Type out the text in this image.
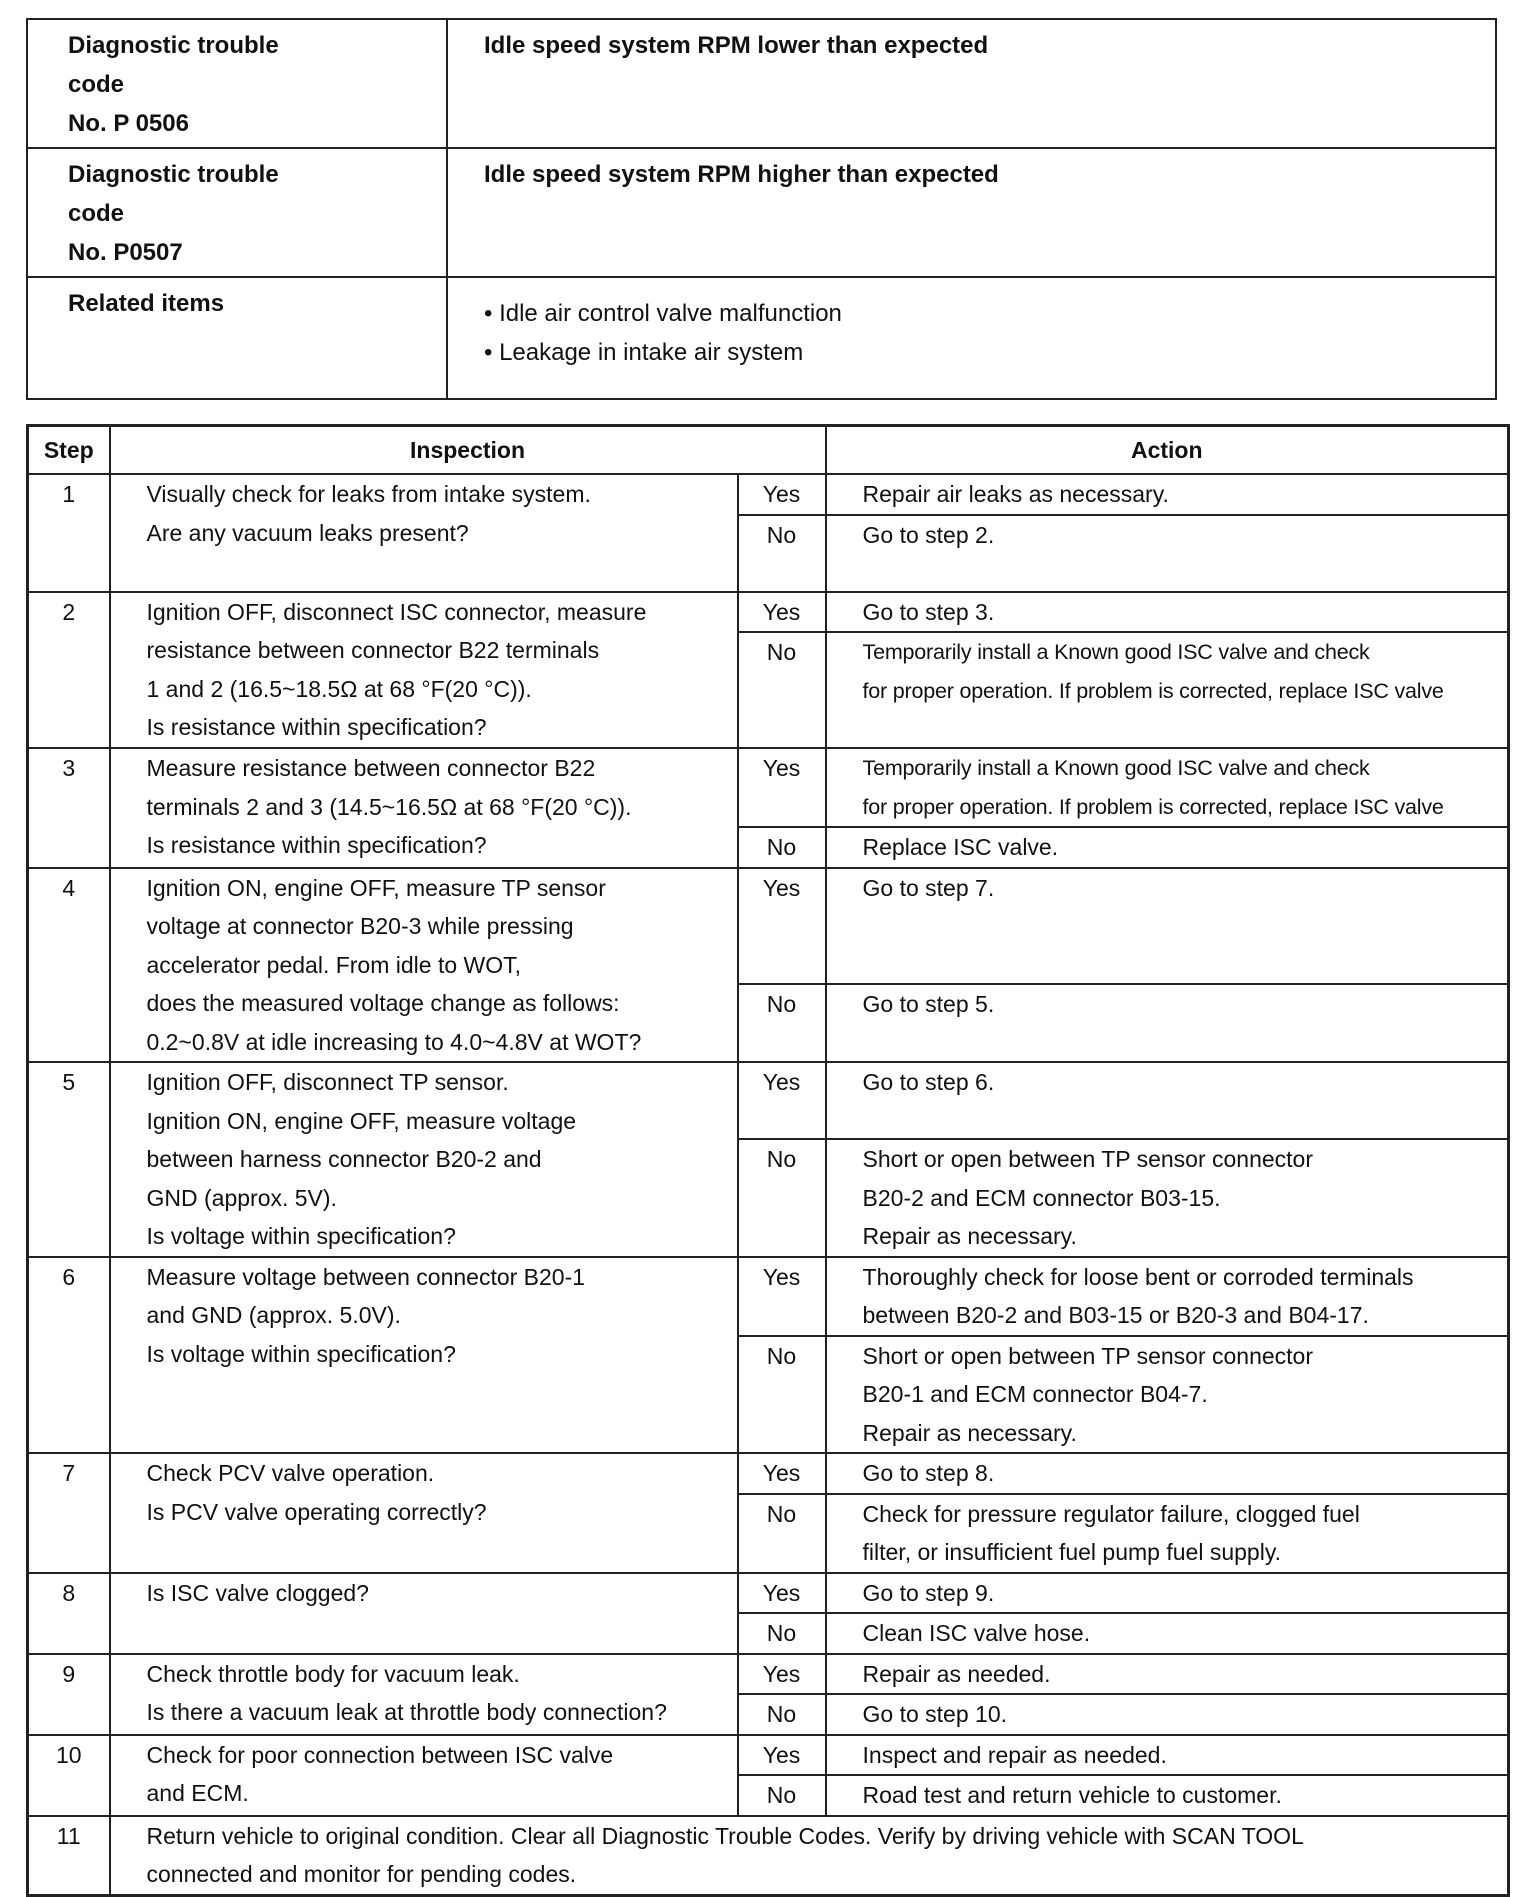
Diagnostic trouble
code
No. P 0506	Idle speed system RPM lower than expected

Diagnostic trouble
code
No. P0507	Idle speed system RPM higher than expected
Related items	• Idle air control valve malfunction
• Leakage in intake air system
Step	Inspection		Action
1	Visually check for leaks from intake system.
Are any vacuum leaks present?	Yes	Repair air leaks as necessary.

		No	Go to step 2.

2	Ignition OFF, disconnect ISC connector, measure
resistance between connector B22 terminals
1 and 2 (16.5~18.5Ω at 68 °F(20 °C)).
Is resistance within specification?	Yes	Go to step 3.

		No	Temporarily install a Known good ISC valve and check
for proper operation. If problem is corrected, replace ISC valve

3	Measure resistance between connector B22
terminals 2 and 3 (14.5~16.5Ω at 68 °F(20 °C)).
Is resistance within specification?	Yes	Temporarily install a Known good ISC valve and check
for proper operation. If problem is corrected, replace ISC valve

		No	Replace ISC valve.

4	Ignition ON, engine OFF, measure TP sensor
voltage at connector B20-3 while pressing
accelerator pedal. From idle to WOT,
does the measured voltage change as follows:
0.2~0.8V at idle increasing to 4.0~4.8V at WOT?	Yes	Go to step 7.

		No	Go to step 5.

5	Ignition OFF, disconnect TP sensor.
Ignition ON, engine OFF, measure voltage
between harness connector B20-2 and
GND (approx. 5V).
Is voltage within specification?	Yes	Go to step 6.

		No	Short or open between TP sensor connector
B20-2 and ECM connector B03-15.
Repair as necessary.

6	Measure voltage between connector B20-1
and GND (approx. 5.0V).
Is voltage within specification?	Yes	Thoroughly check for loose bent or corroded terminals
between B20-2 and B03-15 or B20-3 and B04-17.

		No	Short or open between TP sensor connector
B20-1 and ECM connector B04-7.
Repair as necessary.

7	Check PCV valve operation.
Is PCV valve operating correctly?	Yes	Go to step 8.

		No	Check for pressure regulator failure, clogged fuel
filter, or insufficient fuel pump fuel supply.

8	Is ISC valve clogged?	Yes	Go to step 9.

		No	Clean ISC valve hose.

9	Check throttle body for vacuum leak.
Is there a vacuum leak at throttle body connection?	Yes	Repair as needed.

		No	Go to step 10.

10	Check for poor connection between ISC valve
and ECM.	Yes	Inspect and repair as needed.

		No	Road test and return vehicle to customer.

11	Return vehicle to original condition. Clear all Diagnostic Trouble Codes. Verify by driving vehicle with SCAN TOOL
connected and monitor for pending codes.		
